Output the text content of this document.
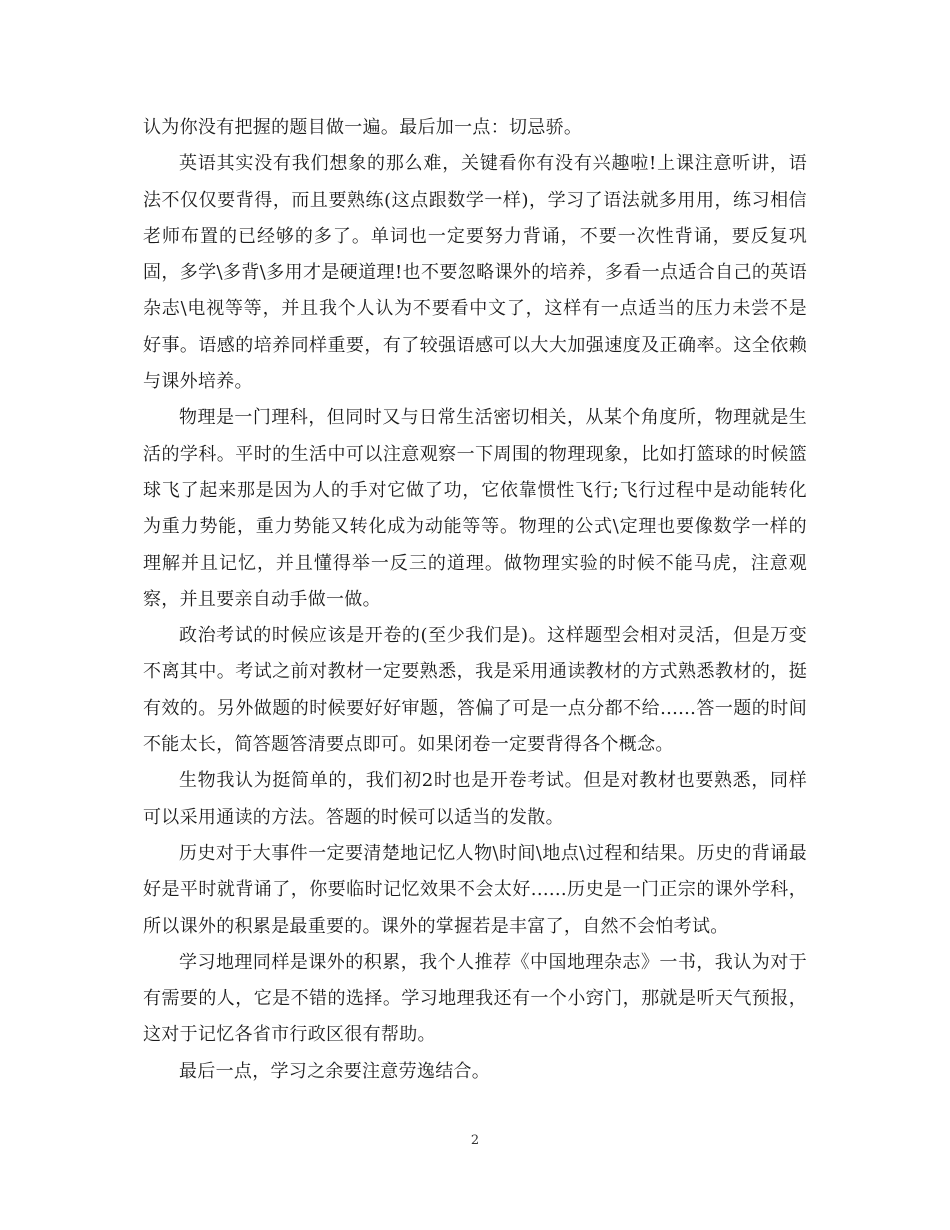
认为你没有把握的题目做一遍。最后加一点：切忌骄。

英语其实没有我们想象的那么难，关键看你有没有兴趣啦!上课注意听讲，语法不仅仅要背得，而且要熟练(这点跟数学一样)，学习了语法就多用用，练习相信老师布置的已经够的多了。单词也一定要努力背诵，不要一次性背诵，要反复巩固，多学\多背\多用才是硬道理!也不要忽略课外的培养，多看一点适合自己的英语杂志\电视等等，并且我个人认为不要看中文了，这样有一点适当的压力未尝不是好事。语感的培养同样重要，有了较强语感可以大大加强速度及正确率。这全依赖与课外培养。

物理是一门理科，但同时又与日常生活密切相关，从某个角度所，物理就是生活的学科。平时的生活中可以注意观察一下周围的物理现象，比如打篮球的时候篮球飞了起来那是因为人的手对它做了功，它依靠惯性飞行;飞行过程中是动能转化为重力势能，重力势能又转化成为动能等等。物理的公式\定理也要像数学一样的理解并且记忆，并且懂得举一反三的道理。做物理实验的时候不能马虎，注意观察，并且要亲自动手做一做。

政治考试的时候应该是开卷的(至少我们是)。这样题型会相对灵活，但是万变不离其中。考试之前对教材一定要熟悉，我是采用通读教材的方式熟悉教材的，挺有效的。另外做题的时候要好好审题，答偏了可是一点分都不给......答一题的时间不能太长，简答题答清要点即可。如果闭卷一定要背得各个概念。

生物我认为挺简单的，我们初2时也是开卷考试。但是对教材也要熟悉，同样可以采用通读的方法。答题的时候可以适当的发散。

历史对于大事件一定要清楚地记忆人物\时间\地点\过程和结果。历史的背诵最好是平时就背诵了，你要临时记忆效果不会太好......历史是一门正宗的课外学科，所以课外的积累是最重要的。课外的掌握若是丰富了，自然不会怕考试。

学习地理同样是课外的积累，我个人推荐《中国地理杂志》一书，我认为对于有需要的人，它是不错的选择。学习地理我还有一个小窍门，那就是听天气预报，这对于记忆各省市行政区很有帮助。

最后一点，学习之余要注意劳逸结合。

2
